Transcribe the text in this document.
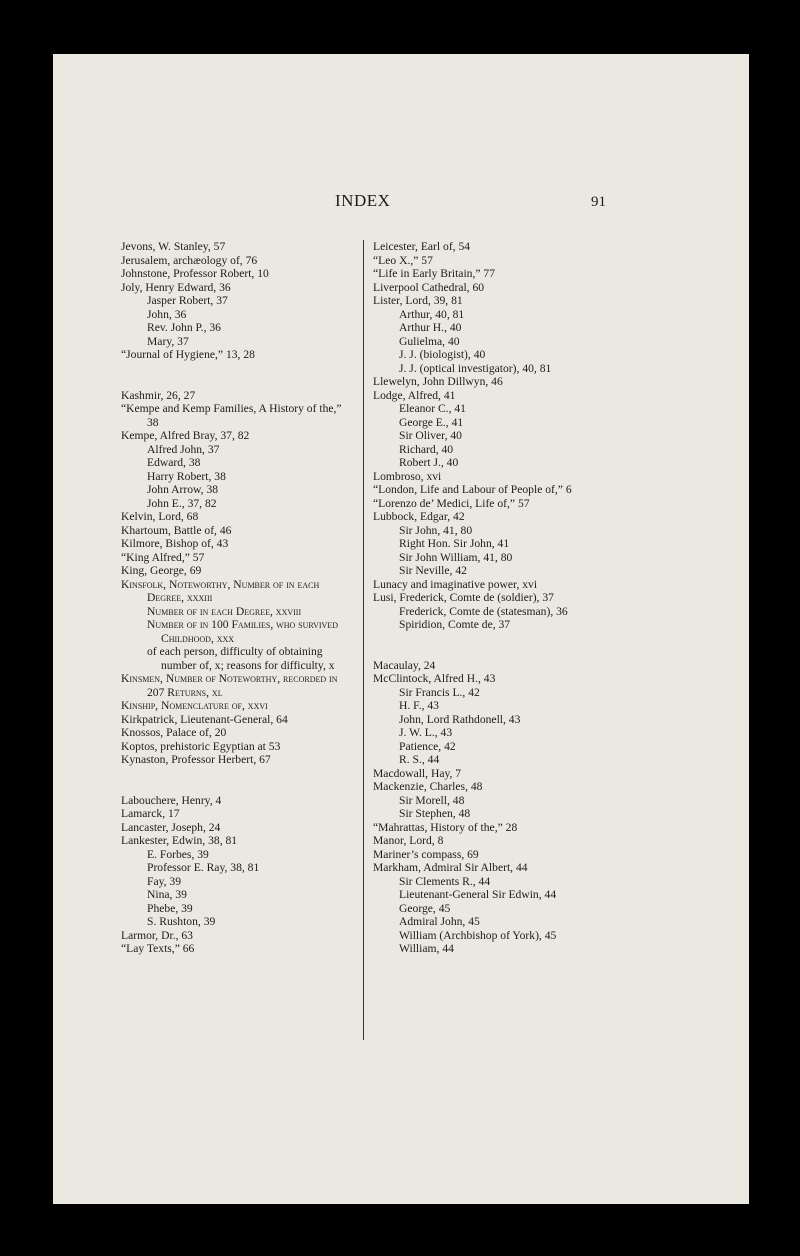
INDEX	91
Jevons, W. Stanley, 57
Jerusalem, archæology of, 76
Johnstone, Professor Robert, 10
Joly, Henry Edward, 36
Jasper Robert, 37
John, 36
Rev. John P., 36
Mary, 37
“Journal of Hygiene,” 13, 28
Kashmir, 26, 27
“Kempe and Kemp Families, A History of the,” 38
Kempe, Alfred Bray, 37, 82
Alfred John, 37
Edward, 38
Harry Robert, 38
John Arrow, 38
John E., 37, 82
Kelvin, Lord, 68
Khartoum, Battle of, 46
Kilmore, Bishop of, 43
“King Alfred,” 57
King, George, 69
Kinsfolk, Noteworthy, Number of in each Degree, xxxiii
Number of in each Degree, xxviii
Number of in 100 Families, who survived Childhood, xxx
of each person, difficulty of obtaining number of, x; reasons for difficulty, x
Kinsmen, Number of Noteworthy, recorded in 207 Returns, xl
Kinship, Nomenclature of, xxvi
Kirkpatrick, Lieutenant-General, 64
Knossos, Palace of, 20
Koptos, prehistoric Egyptian at 53
Kynaston, Professor Herbert, 67
Labouchere, Henry, 4
Lamarck, 17
Lancaster, Joseph, 24
Lankester, Edwin, 38, 81
E. Forbes, 39
Professor E. Ray, 38, 81
Fay, 39
Nina, 39
Phebe, 39
S. Rushton, 39
Larmor, Dr., 63
“Lay Texts,” 66
Leicester, Earl of, 54
“Leo X.,” 57
“Life in Early Britain,” 77
Liverpool Cathedral, 60
Lister, Lord, 39, 81
Arthur, 40, 81
Arthur H., 40
Gulielma, 40
J. J. (biologist), 40
J. J. (optical investigator), 40, 81
Llewelyn, John Dillwyn, 46
Lodge, Alfred, 41
Eleanor C., 41
George E., 41
Sir Oliver, 40
Richard, 40
Robert J., 40
Lombroso, xvi
“London, Life and Labour of People of,” 6
“Lorenzo de’ Medici, Life of,” 57
Lubbock, Edgar, 42
Sir John, 41, 80
Right Hon. Sir John, 41
Sir John William, 41, 80
Sir Neville, 42
Lunacy and imaginative power, xvi
Lusi, Frederick, Comte de (soldier), 37
Frederick, Comte de (statesman), 36
Spiridion, Comte de, 37
Macaulay, 24
McClintock, Alfred H., 43
Sir Francis L., 42
H. F., 43
John, Lord Rathdonell, 43
J. W. L., 43
Patience, 42
R. S., 44
Macdowall, Hay, 7
Mackenzie, Charles, 48
Sir Morell, 48
Sir Stephen, 48
“Mahrattas, History of the,” 28
Manor, Lord, 8
Mariner’s compass, 69
Markham, Admiral Sir Albert, 44
Sir Clements R., 44
Lieutenant-General Sir Edwin, 44
George, 45
Admiral John, 45
William (Archbishop of York), 45
William, 44
